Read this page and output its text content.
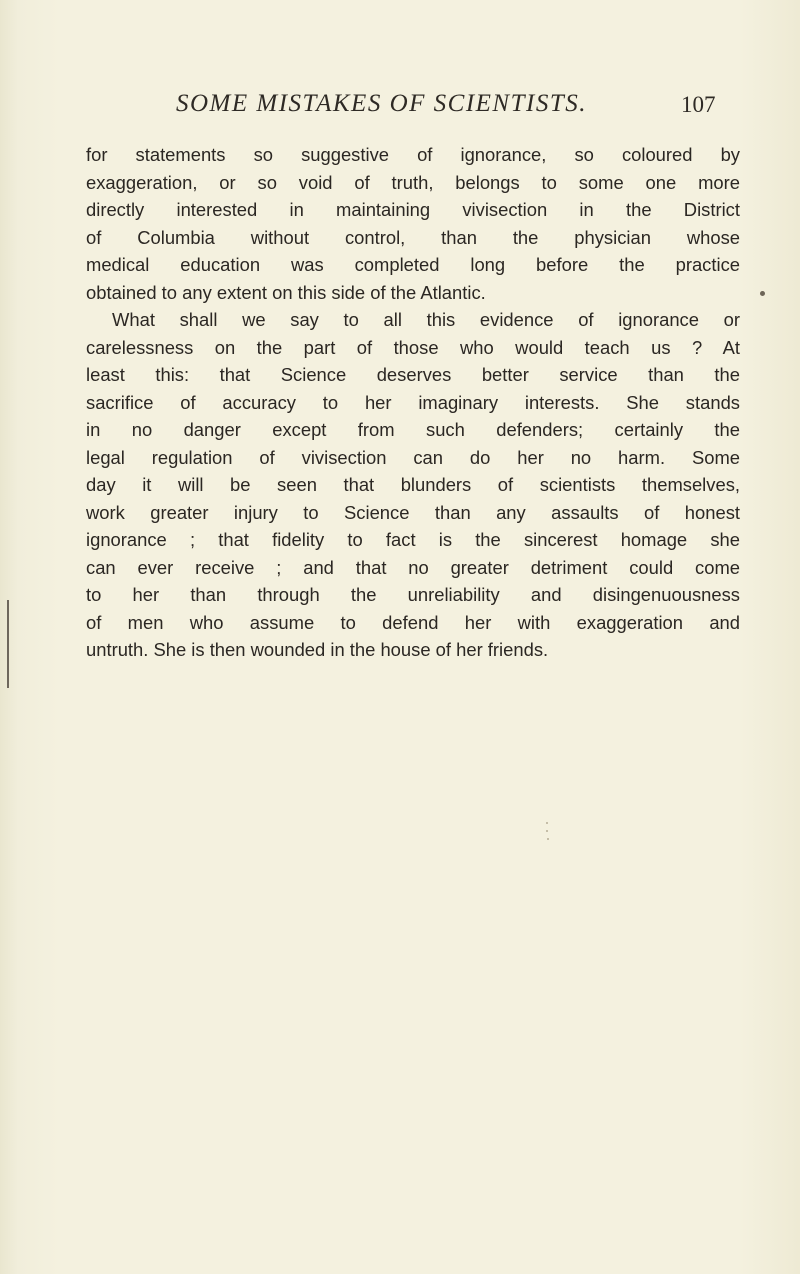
SOME MISTAKES OF SCIENTISTS.	107
for statements so suggestive of ignorance, so coloured by
exaggeration, or so void of truth, belongs to some one more
directly interested in maintaining vivisection in the District
of Columbia without control, than the physician whose
medical education was completed long before the practice
obtained to any extent on this side of the Atlantic.
What shall we say to all this evidence of ignorance or
carelessness on the part of those who would teach us ? At
least this: that Science deserves better service than the
sacrifice of accuracy to her imaginary interests. She stands
in no danger except from such defenders; certainly the
legal regulation of vivisection can do her no harm. Some
day it will be seen that blunders of scientists themselves,
work greater injury to Science than any assaults of honest
ignorance ; that fidelity to fact is the sincerest homage she
can ever receive ; and that no greater detriment could come
to her than through the unreliability and disingenuousness
of men who assume to defend her with exaggeration and
untruth. She is then wounded in the house of her friends.
